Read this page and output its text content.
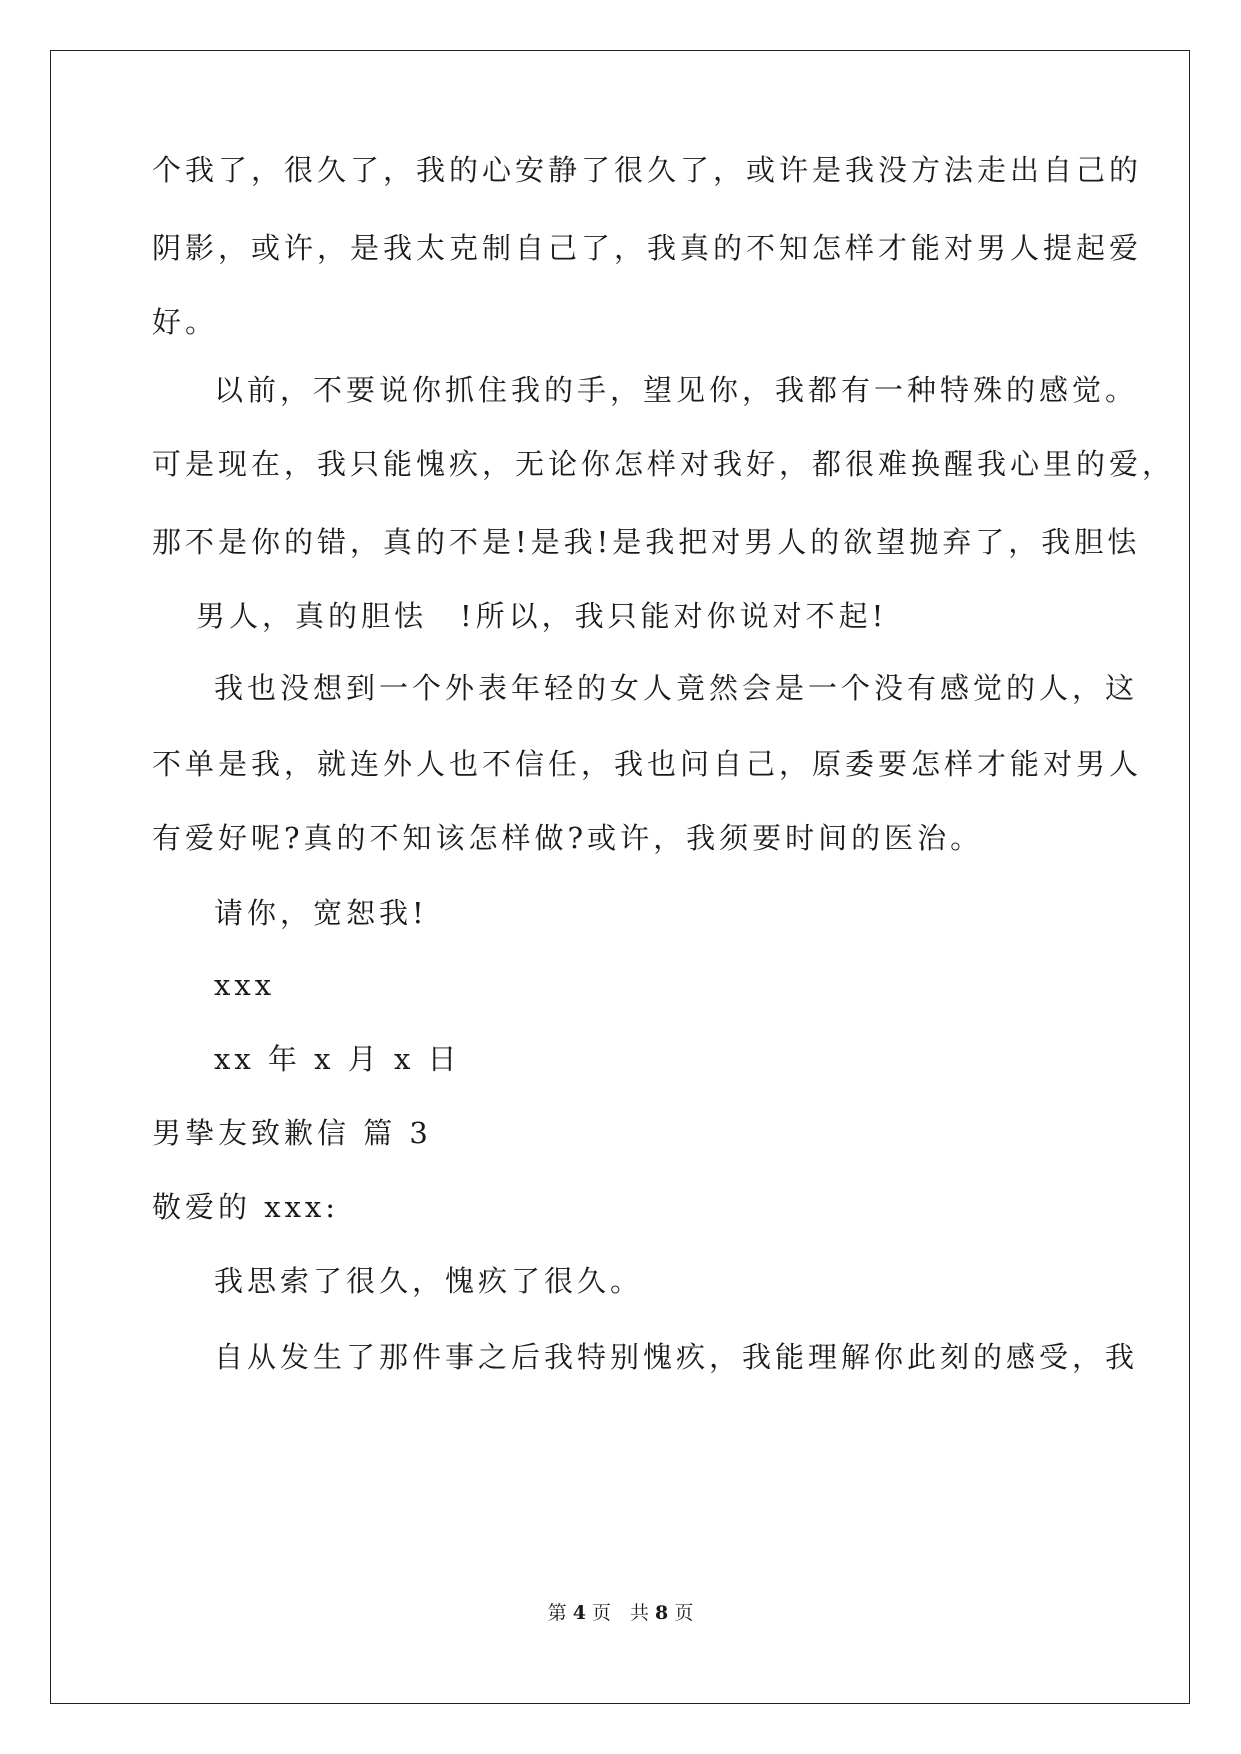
个我了，很久了，我的心安静了很久了，或许是我没方法走出自己的
阴影，或许，是我太克制自己了，我真的不知怎样才能对男人提起爱
好。
以前，不要说你抓住我的手，望见你，我都有一种特殊的感觉。
可是现在，我只能愧疚，无论你怎样对我好，都很难换醒我心里的爱，
那不是你的错，真的不是!是我!是我把对男人的欲望抛弃了，我胆怯
男人，真的胆怯　!所以，我只能对你说对不起!
我也没想到一个外表年轻的女人竟然会是一个没有感觉的人，这
不单是我，就连外人也不信任，我也问自己，原委要怎样才能对男人
有爱好呢?真的不知该怎样做?或许，我须要时间的医治。
请你，宽恕我!
xxx
xx 年 x 月 x 日
男挚友致歉信 篇 3
敬爱的 xxx:
我思索了很久，愧疚了很久。
自从发生了那件事之后我特别愧疚，我能理解你此刻的感受，我
第 4 页　共 8 页
